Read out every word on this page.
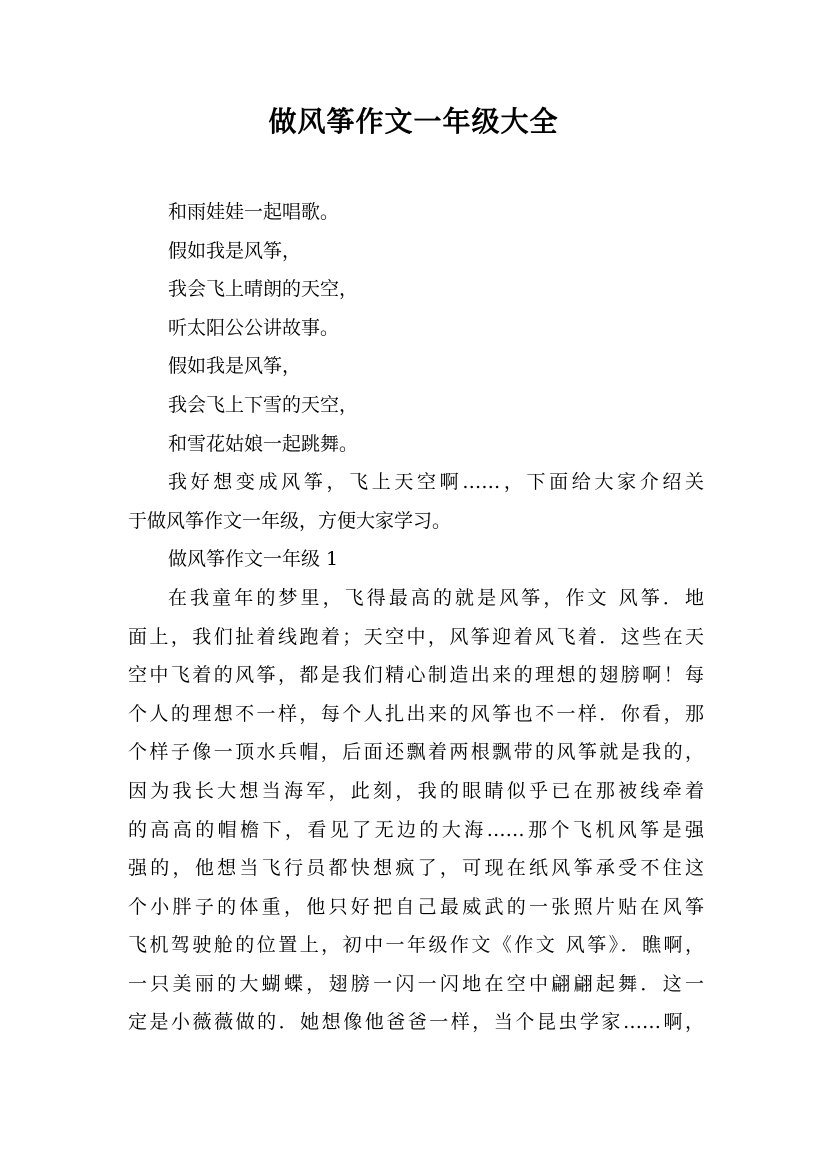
做风筝作文一年级大全
和雨娃娃一起唱歌。
假如我是风筝，
我会飞上晴朗的天空，
听太阳公公讲故事。
假如我是风筝，
我会飞上下雪的天空，
和雪花姑娘一起跳舞。
我好想变成风筝，飞上天空啊……，下面给大家介绍关
于做风筝作文一年级，方便大家学习。
做风筝作文一年级 1
在我童年的梦里，飞得最高的就是风筝，作文 风筝．地
面上，我们扯着线跑着；天空中，风筝迎着风飞着．这些在天
空中飞着的风筝，都是我们精心制造出来的理想的翅膀啊！每
个人的理想不一样，每个人扎出来的风筝也不一样．你看，那
个样子像一顶水兵帽，后面还飘着两根飘带的风筝就是我的，
因为我长大想当海军，此刻，我的眼睛似乎已在那被线牵着
的高高的帽檐下，看见了无边的大海……那个飞机风筝是强
强的，他想当飞行员都快想疯了，可现在纸风筝承受不住这
个小胖子的体重，他只好把自己最威武的一张照片贴在风筝
飞机驾驶舱的位置上，初中一年级作文《作文 风筝》．瞧啊，
一只美丽的大蝴蝶，翅膀一闪一闪地在空中翩翩起舞．这一
定是小薇薇做的．她想像他爸爸一样，当个昆虫学家……啊，
